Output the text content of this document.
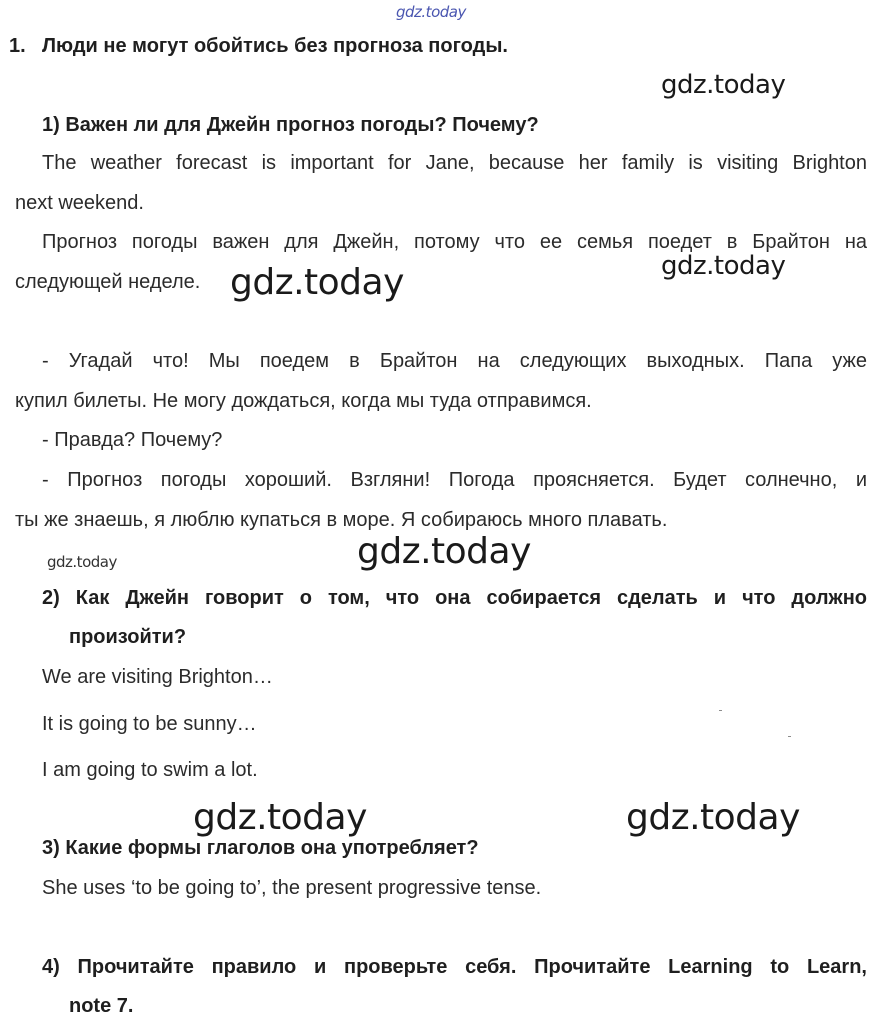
gdz.today
gdz.today
gdz.today
gdz.today
gdz.today	gdz.today
gdz.today	gdz.today
1. Люди не могут обойтись без прогноза погоды.
1) Важен ли для Джейн прогноз погоды? Почему?
The weather forecast is important for Jane, because her family is visiting Brighton
next weekend.
Прогноз погоды важен для Джейн, потому что ее семья поедет в Брайтон на
следующей неделе.
- Угадай что! Мы поедем в Брайтон на следующих выходных. Папа уже
купил билеты. Не могу дождаться, когда мы туда отправимся.
- Правда? Почему?
- Прогноз погоды хороший. Взгляни! Погода проясняется. Будет солнечно, и
ты же знаешь, я люблю купаться в море. Я собираюсь много плавать.
2) Как Джейн говорит о том, что она собирается сделать и что должно
произойти?
We are visiting Brighton…
It is going to be sunny…
I am going to swim a lot.
3) Какие формы глаголов она употребляет?
She uses ‘to be going to’, the present progressive tense.
4) Прочитайте правило и проверьте себя. Прочитайте Learning to Learn,
note 7.
